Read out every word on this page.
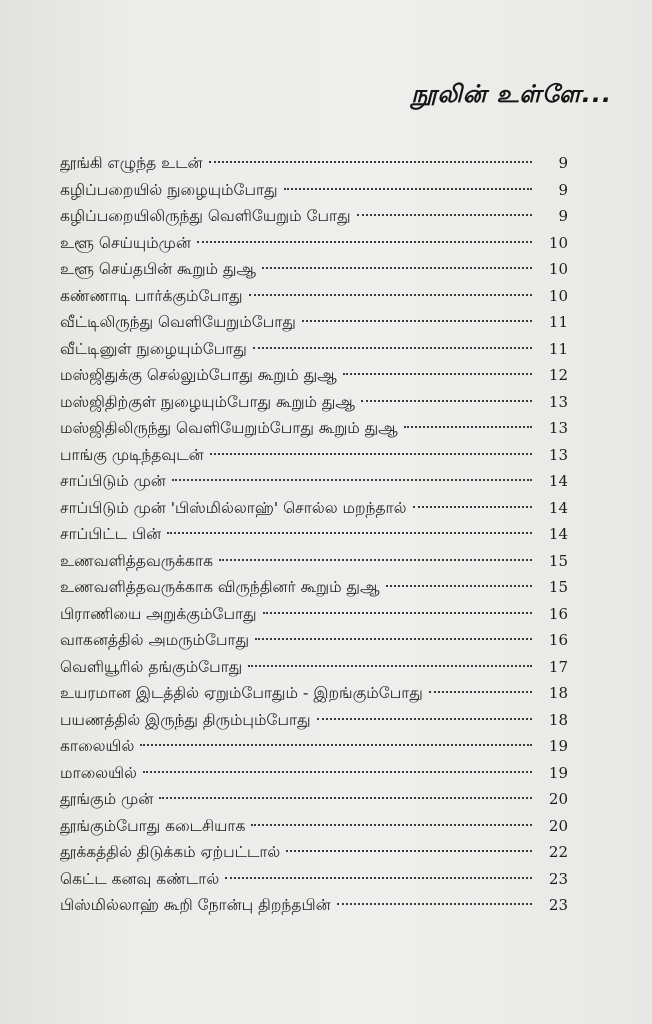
நூலின் உள்ளே...
தூங்கி எழுந்த உடன்	9
கழிப்பறையில் நுழையும்போது	9
கழிப்பறையிலிருந்து வெளியேறும் போது	9
உளூ செய்யும்முன்	10
உளூ செய்தபின் கூறும் துஆ	10
கண்ணாடி பார்க்கும்போது	10
வீட்டிலிருந்து வெளியேறும்போது	11
வீட்டினுள் நுழையும்போது	11
மஸ்ஜிதுக்கு செல்லும்போது கூறும் துஆ	12
மஸ்ஜிதிற்குள் நுழையும்போது கூறும் துஆ	13
மஸ்ஜிதிலிருந்து வெளியேறும்போது கூறும் துஆ	13
பாங்கு முடிந்தவுடன்	13
சாப்பிடும் முன்	14
சாப்பிடும் முன் 'பிஸ்மில்லாஹ்' சொல்ல மறந்தால்	14
சாப்பிட்ட பின்	14
உணவளித்தவருக்காக	15
உணவளித்தவருக்காக விருந்தினர் கூறும் துஆ	15
பிராணியை அறுக்கும்போது	16
வாகனத்தில் அமரும்போது	16
வெளியூரில் தங்கும்போது	17
உயரமான இடத்தில் ஏறும்போதும் - இறங்கும்போது	18
பயணத்தில் இருந்து திரும்பும்போது	18
காலையில்	19
மாலையில்	19
தூங்கும் முன்	20
தூங்கும்போது கடைசியாக	20
தூக்கத்தில் திடுக்கம் ஏற்பட்டால்	22
கெட்ட கனவு கண்டால்	23
பிஸ்மில்லாஹ் கூறி நோன்பு திறந்தபின்	23
